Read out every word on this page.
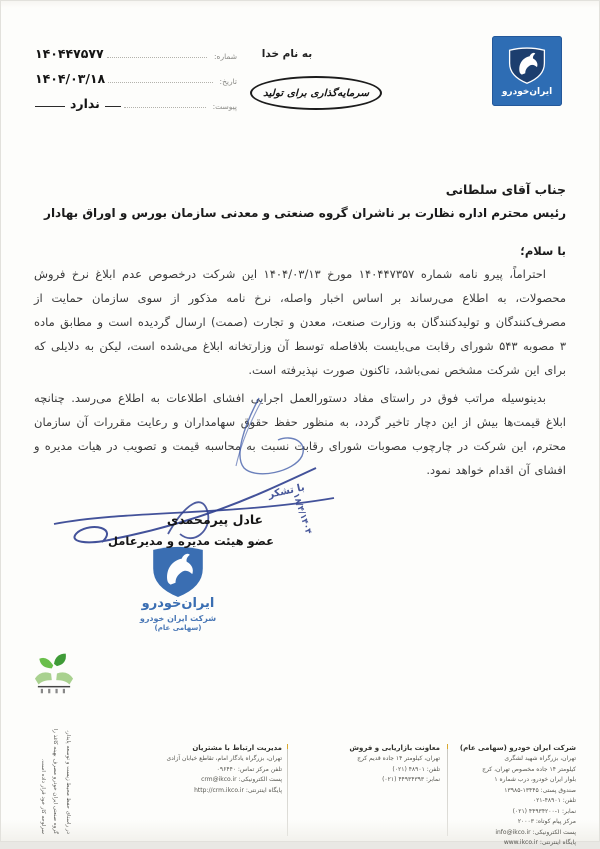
ایران‌خودرو
به نام خدا
سرمایه‌گذاری برای تولید
شماره:
۱۴۰۴۴۷۵۷۷
تاریخ:
۱۴۰۴/۰۳/۱۸
پیوست:
ندارد
جناب آقای سلطانی
رئیس محترم اداره نظارت بر ناشران گروه صنعتی و معدنی سازمان بورس و اوراق بهادار
با سلام؛
احتراماً، پیرو نامه شماره ۱۴۰۴۴۷۳۵۷ مورخ ۱۴۰۴/۰۳/۱۳ این شرکت درخصوص عدم ابلاغ نرخ فروش محصولات، به اطلاع می‌رساند بر اساس اخبار واصله، نرخ نامه مذکور از سوی سازمان حمایت از مصرف‌کنندگان و تولیدکنندگان به وزارت صنعت، معدن و تجارت (صمت) ارسال گردیده است و مطابق ماده ۳ مصوبه ۵۴۳ شورای رقابت می‌بایست بلافاصله توسط آن وزارتخانه ابلاغ می‌شده است، لیکن به دلایلی که برای این شرکت مشخص نمی‌باشد، تاکنون صورت نپذیرفته است.
بدینوسیله مراتب فوق در راستای مفاد دستورالعمل اجرایی افشای اطلاعات به اطلاع می‌رسد. چنانچه ابلاغ قیمت‌ها بیش از این دچار تاخیر گردد، به منظور حفظ حقوق سهامداران و رعایت مقررات آن سازمان محترم، این شرکت در چارچوب مصوبات شورای رقابت نسبت به محاسبه قیمت و تصویب در هیات مدیره و افشای آن اقدام خواهد نمود.
با تشکر
۱۸/۴/۱۴۰۴
عادل پیرمحمدی
عضو هیئت مدیره و مدیرعامل
ایران‌خودرو
شرکت ایران خودرو
(سهامی عام)
در راستای حفظ محیط زیست و توسعه پایدار،
گروه صنعتی ایران خودرو مصرف بهینه کاغذ را
سرلوحه کار خود قرار داده است.
شرکت ایران خودرو (سهامی عام)
تهران، بزرگراه شهید لشگری
کیلومتر ۱۴ جاده مخصوص تهران، کرج
بلوار ایران خودرو، درب شماره ۱
صندوق پستی: ۱۳۴۴۵-۱۳۹۸۵
تلفن: ۴۸۹۰۱-۰۲۱
نمابر: ۱-۴۴۹۳۴۲۰۰ (۰۲۱)
مرکز پیام کوتاه: ۲۰۰۰۳
پست الکترونیکی: info@ikco.ir
پایگاه اینترنتی: www.ikco.ir
معاونت بازاریابی و فروش
تهران، کیلومتر ۱۴ جاده قدیم کرج
تلفن: ۴۸۹۰۱ (۰۲۱)
نمابر: ۴۴۹۳۴۳۹۳ (۰۲۱)
مدیریت ارتباط با مشتریان
تهران، بزرگراه یادگار امام، تقاطع خیابان آزادی
تلفن مرکز تماس: ۰۹۶۴۴۰
پست الکترونیکی: crm@ikco.ir
پایگاه اینترنتی: http://crm.ikco.ir
